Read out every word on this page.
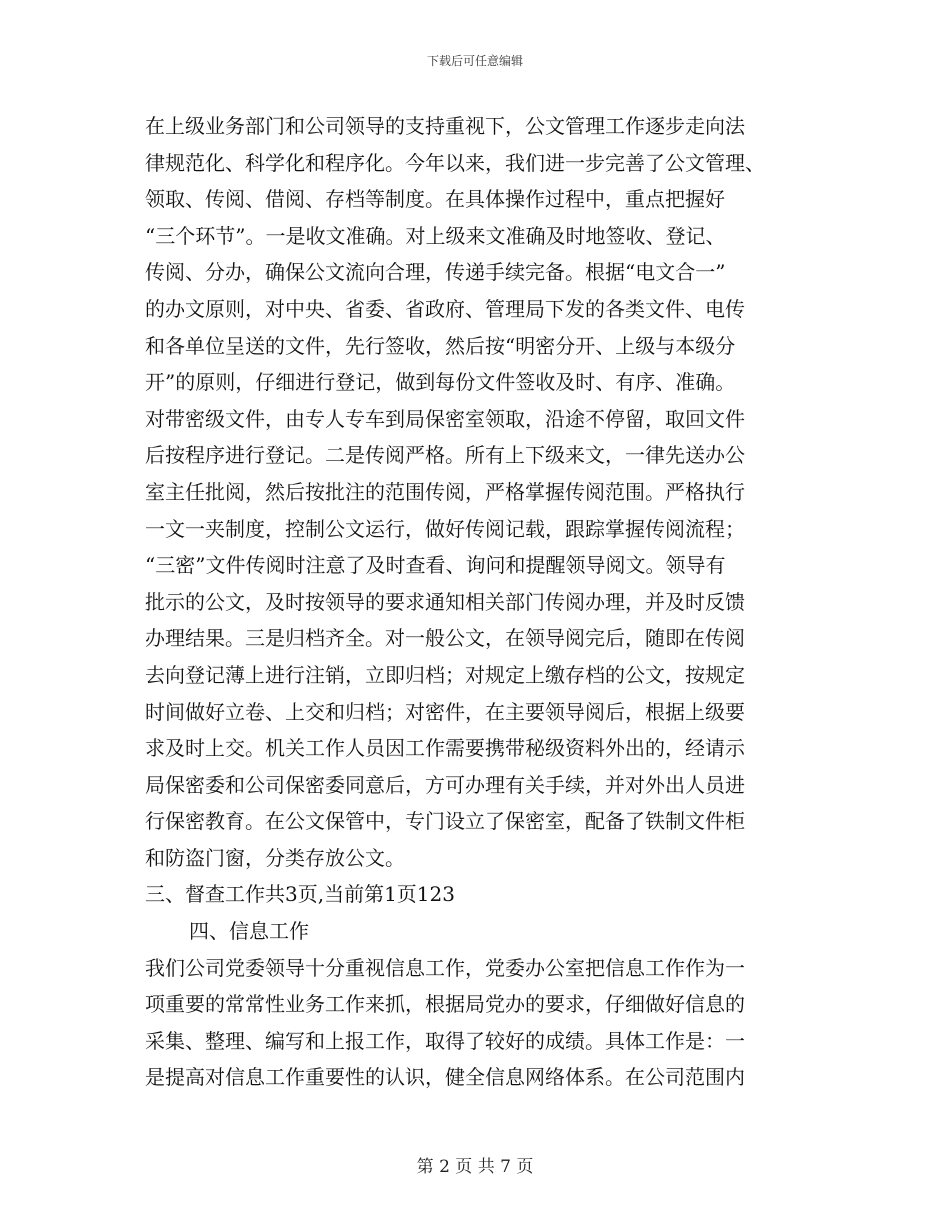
下载后可任意编辑
在上级业务部门和公司领导的支持重视下，公文管理工作逐步走向法
律规范化、科学化和程序化。今年以来，我们进一步完善了公文管理、
领取、传阅、借阅、存档等制度。在具体操作过程中，重点把握好
“三个环节”。一是收文准确。对上级来文准确及时地签收、登记、
传阅、分办，确保公文流向合理，传递手续完备。根据“电文合一”
的办文原则，对中央、省委、省政府、管理局下发的各类文件、电传
和各单位呈送的文件，先行签收，然后按“明密分开、上级与本级分
开”的原则，仔细进行登记，做到每份文件签收及时、有序、准确。
对带密级文件，由专人专车到局保密室领取，沿途不停留，取回文件
后按程序进行登记。二是传阅严格。所有上下级来文，一律先送办公
室主任批阅，然后按批注的范围传阅，严格掌握传阅范围。严格执行
一文一夹制度，控制公文运行，做好传阅记载，跟踪掌握传阅流程；
“三密”文件传阅时注意了及时查看、询问和提醒领导阅文。领导有
批示的公文，及时按领导的要求通知相关部门传阅办理，并及时反馈
办理结果。三是归档齐全。对一般公文，在领导阅完后，随即在传阅
去向登记薄上进行注销，立即归档；对规定上缴存档的公文，按规定
时间做好立卷、上交和归档；对密件，在主要领导阅后，根据上级要
求及时上交。机关工作人员因工作需要携带秘级资料外出的，经请示
局保密委和公司保密委同意后，方可办理有关手续，并对外出人员进
行保密教育。在公文保管中，专门设立了保密室，配备了铁制文件柜
和防盗门窗，分类存放公文。
三、督查工作共3页,当前第1页123
四、信息工作
我们公司党委领导十分重视信息工作，党委办公室把信息工作作为一
项重要的常常性业务工作来抓，根据局党办的要求，仔细做好信息的
采集、整理、编写和上报工作，取得了较好的成绩。具体工作是：一
是提高对信息工作重要性的认识，健全信息网络体系。在公司范围内
第 2 页 共 7 页
